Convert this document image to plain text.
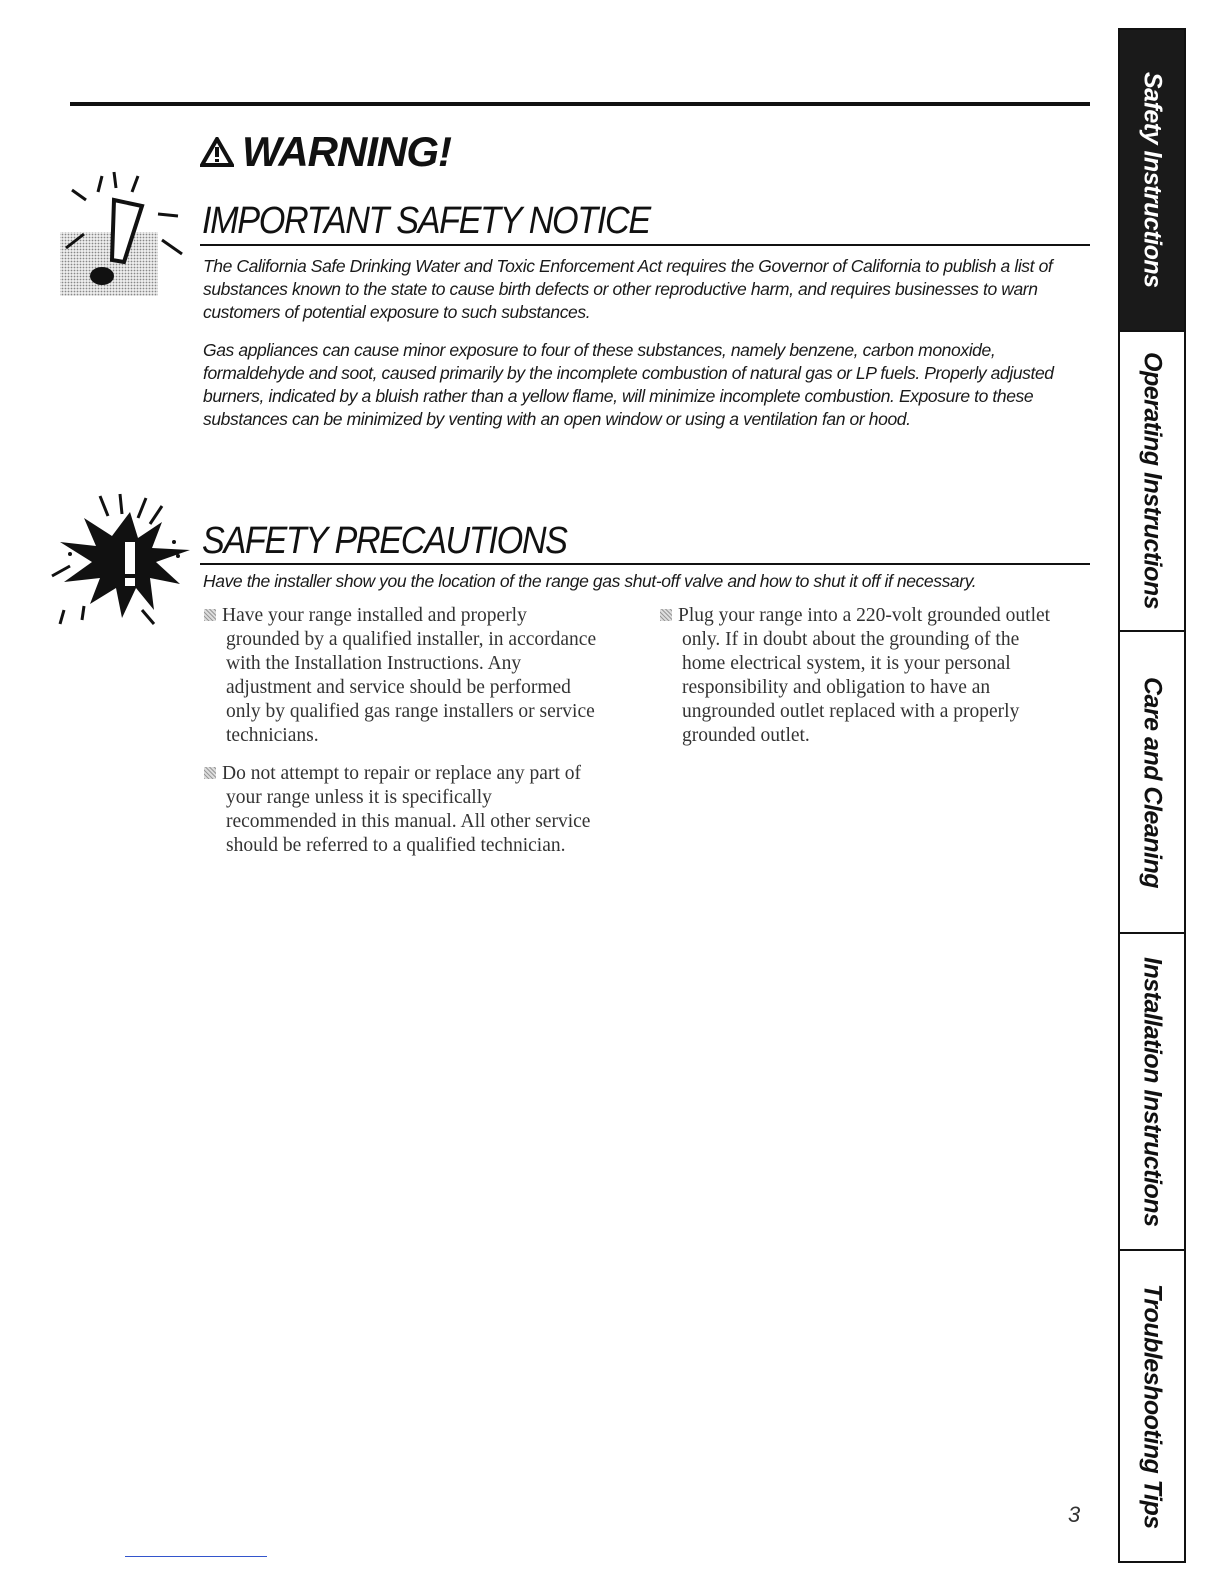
WARNING!
IMPORTANT SAFETY NOTICE

The California Safe Drinking Water and Toxic Enforcement Act requires the Governor of California to publish a list of substances known to the state to cause birth defects or other reproductive harm, and requires businesses to warn customers of potential exposure to such substances.

Gas appliances can cause minor exposure to four of these substances, namely benzene, carbon monoxide, formaldehyde and soot, caused primarily by the incomplete combustion of natural gas or LP fuels. Properly adjusted burners, indicated by a bluish rather than a yellow flame, will minimize incomplete combustion. Exposure to these substances can be minimized by venting with an open window or using a ventilation fan or hood.

SAFETY PRECAUTIONS

Have the installer show you the location of the range gas shut-off valve and how to shut it off if necessary.

Have your range installed and properly grounded by a qualified installer, in accordance with the Installation Instructions. Any adjustment and service should be performed only by qualified gas range installers or service technicians.

Do not attempt to repair or replace any part of your range unless it is specifically recommended in this manual. All other service should be referred to a qualified technician.

Plug your range into a 220-volt grounded outlet only. If in doubt about the grounding of the home electrical system, it is your personal responsibility and obligation to have an ungrounded outlet replaced with a properly grounded outlet.

Safety Instructions
Operating Instructions
Care and Cleaning
Installation Instructions
Troubleshooting Tips
3
